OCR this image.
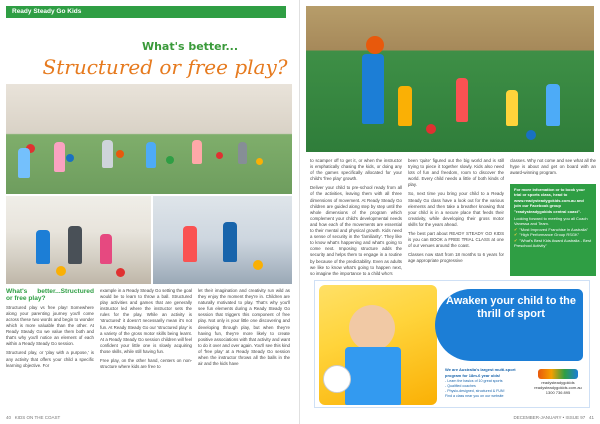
Ready Steady Go Kids
What's better...
Structured or free play?
What's better...Structured or free play?

Structured play vs free play! Somewhere along your parenting journey you'll come across these two words and begin to wonder which is more valuable than the other. At Ready Steady Go we value them both and that's why you'll notice an element of each within a Ready Steady Go session.

Structured play, or 'play with a purpose,' is any activity that offers your child a specific learning objective. For

example in a Ready Steady Go setting the goal would be to learn to throw a ball. Structured play activities and games that are generally instructor led where the instructor sets the rules for the play. While an activity is 'structured' it doesn't necessarily mean it's not fun. At Ready Steady Go our 'structured play' is a variety of the gross motor skills being learnt. At a Ready Steady Go session children will feel confident your little one is slowly acquiring those skills, while still having fun.

Free play, on the other hand, centers on non-structure where kids are free to

let their imagination and creativity run wild as they enjoy the moment they're in. Children are naturally motivated to play. That's why you'll see fun elements during a Ready Steady Go session that triggers this component of free play. Not only is your little one discovering and developing through play, but when they're having fun, they're more likely to create positive associations with that activity and want to do it over and over again. You'll see this kind of 'free play' at a Ready Steady Go session when the instructor throws all the balls in the air and the kids have

40 KIDS ON THE COAST

to scamper off to get it, or when the instructor is emphatically chasing the kids, or doing any of the games specifically allocated for your child's 'free play' growth.

Deliver your child to pre-school ready from all of the activities, leaving them with all three dimensions of movement. At Ready Steady Go children are guided along step by step until the whole dimensions of the program which complement your child's developmental needs and how each of the movements are essential to their mental and physical growth. Kids need a sense of security in the 'familiarity'. They like to know what's happening and what's going to come next. Imposing structure adds the security and helps them to engage in a routine by because of the predictability. Even as adults we like to know what's going to happen next, so imagine the importance to a child who's

been 'quite' figured out the big world and is still trying to piece it together slowly. Kids also need lots of fun and freedom, room to discover the world. Every child needs a little of both kinds of play.

So, next time you bring your child to a Ready Steady Go class have a look out for the various elements and then take a breather knowing that your child is in a secure place that feeds their creativity, while developing their gross motor skills for the years ahead.

The best part about READY STEADY GO KIDS is you can BOOK a FREE TRIAL CLASS at one of our venues around the coast.

Classes now start from 18 months to 6 years for age appropriate progressive

classes. Why not come and see what all the hype is about and get on board with an award-winning program.

For more information or to book your trial or sports class, head to www.readysteadygokids.com.au and join our Facebook group "readysteadygokids central coast".
Looking forward to meeting you all Coach Vanessa and Team.
✔ "Most Improved Franchise in Australia"
✔ "High Performance Group RSGK"
✔ "What's Best Kids Award Australia - Best Preschool Activity"
Awaken your child to the thrill of sport
We are Australia's largest multi-sport program for 18m-6 year olds!
- Learn the basics of 10 great sports
- Qualified coaches
- Physio-designed, structured & FUN!
Find a class near you on our website
readysteadygokids
readysteadygokids.com.au
1300 736 895
DECEMBER-JANUARY • ISSUE 97 41
